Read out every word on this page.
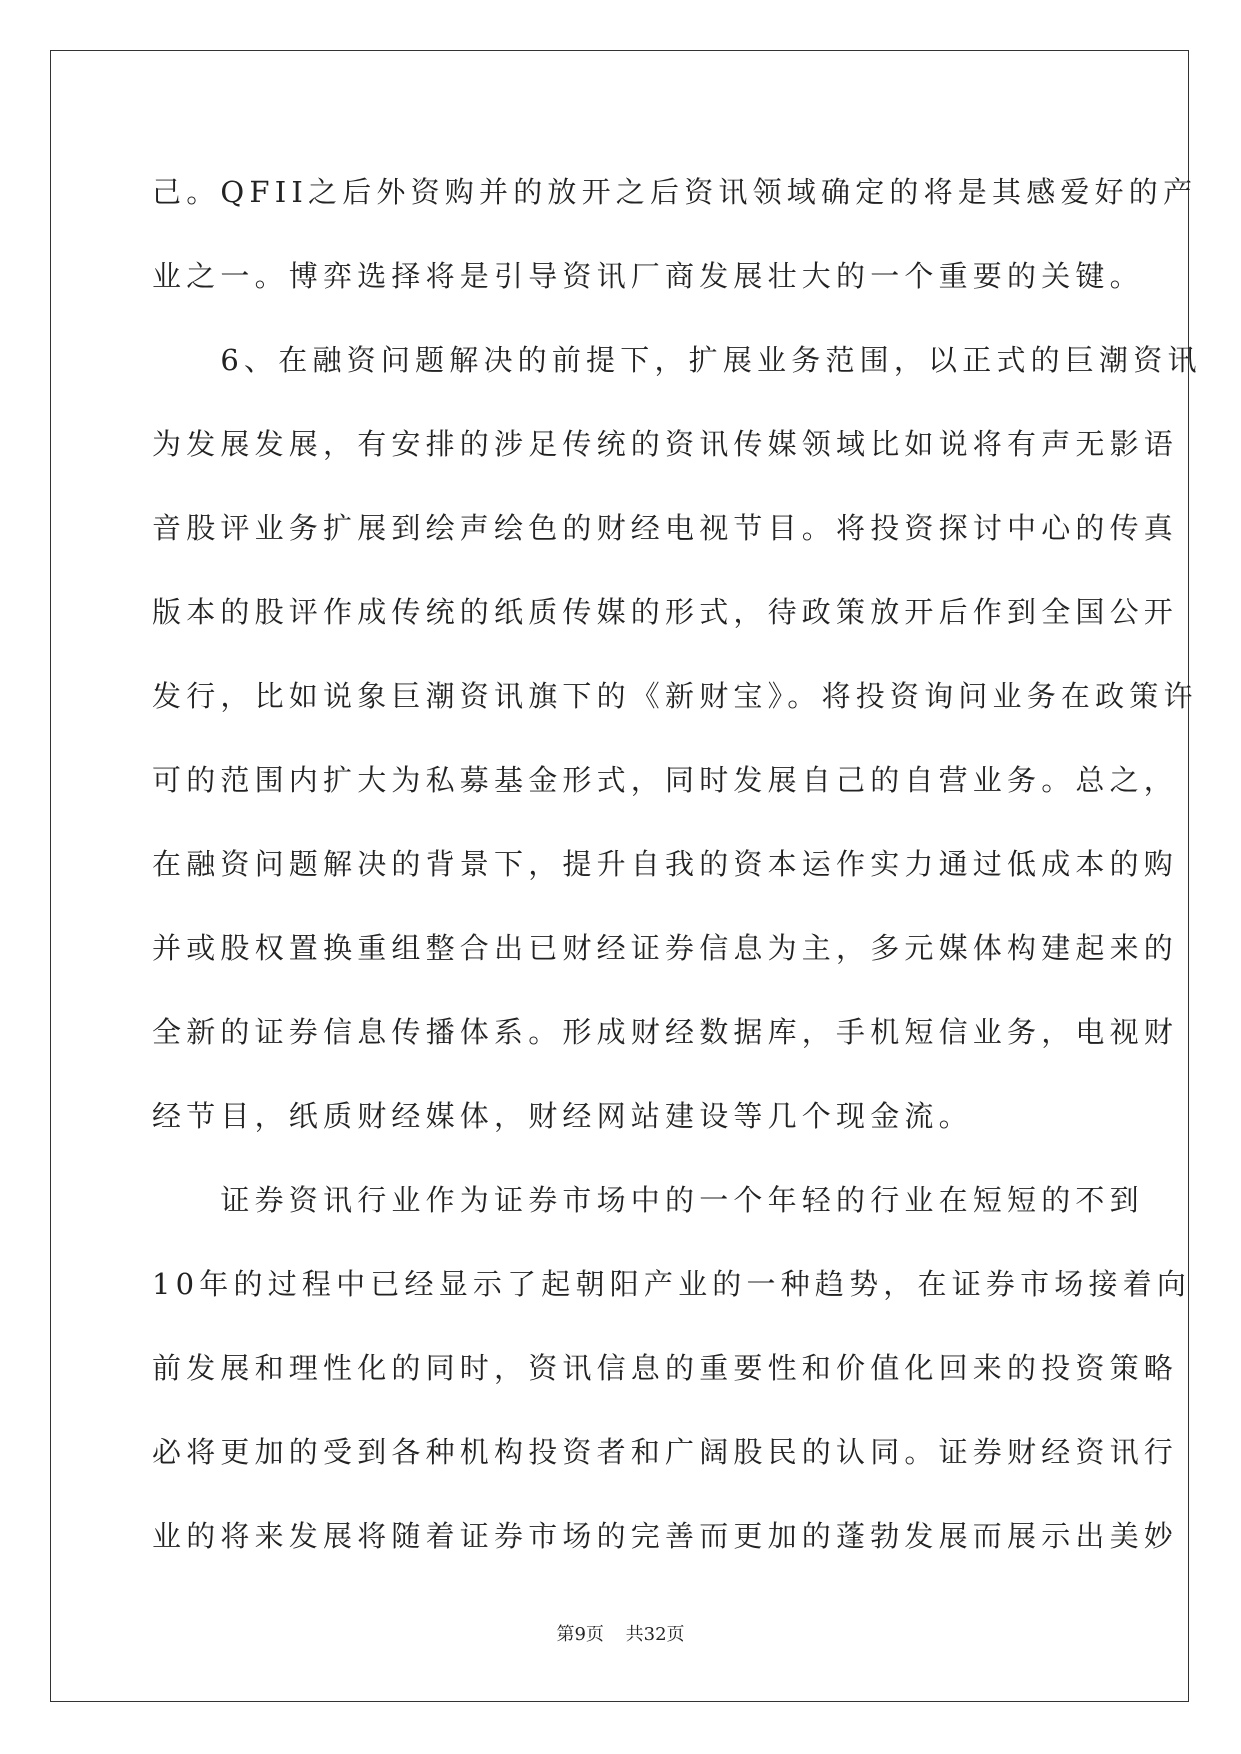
己。QFII之后外资购并的放开之后资讯领域确定的将是其感爱好的产
业之一。博弈选择将是引导资讯厂商发展壮大的一个重要的关键。
　　6、在融资问题解决的前提下，扩展业务范围，以正式的巨潮资讯
为发展发展，有安排的涉足传统的资讯传媒领域比如说将有声无影语
音股评业务扩展到绘声绘色的财经电视节目。将投资探讨中心的传真
版本的股评作成传统的纸质传媒的形式，待政策放开后作到全国公开
发行，比如说象巨潮资讯旗下的《新财宝》。将投资询问业务在政策许
可的范围内扩大为私募基金形式，同时发展自己的自营业务。总之，
在融资问题解决的背景下，提升自我的资本运作实力通过低成本的购
并或股权置换重组整合出已财经证券信息为主，多元媒体构建起来的
全新的证券信息传播体系。形成财经数据库，手机短信业务，电视财
经节目，纸质财经媒体，财经网站建设等几个现金流。
　　证券资讯行业作为证券市场中的一个年轻的行业在短短的不到
10年的过程中已经显示了起朝阳产业的一种趋势，在证券市场接着向
前发展和理性化的同时，资讯信息的重要性和价值化回来的投资策略
必将更加的受到各种机构投资者和广阔股民的认同。证券财经资讯行
业的将来发展将随着证券市场的完善而更加的蓬勃发展而展示出美妙
第9页 共32页
